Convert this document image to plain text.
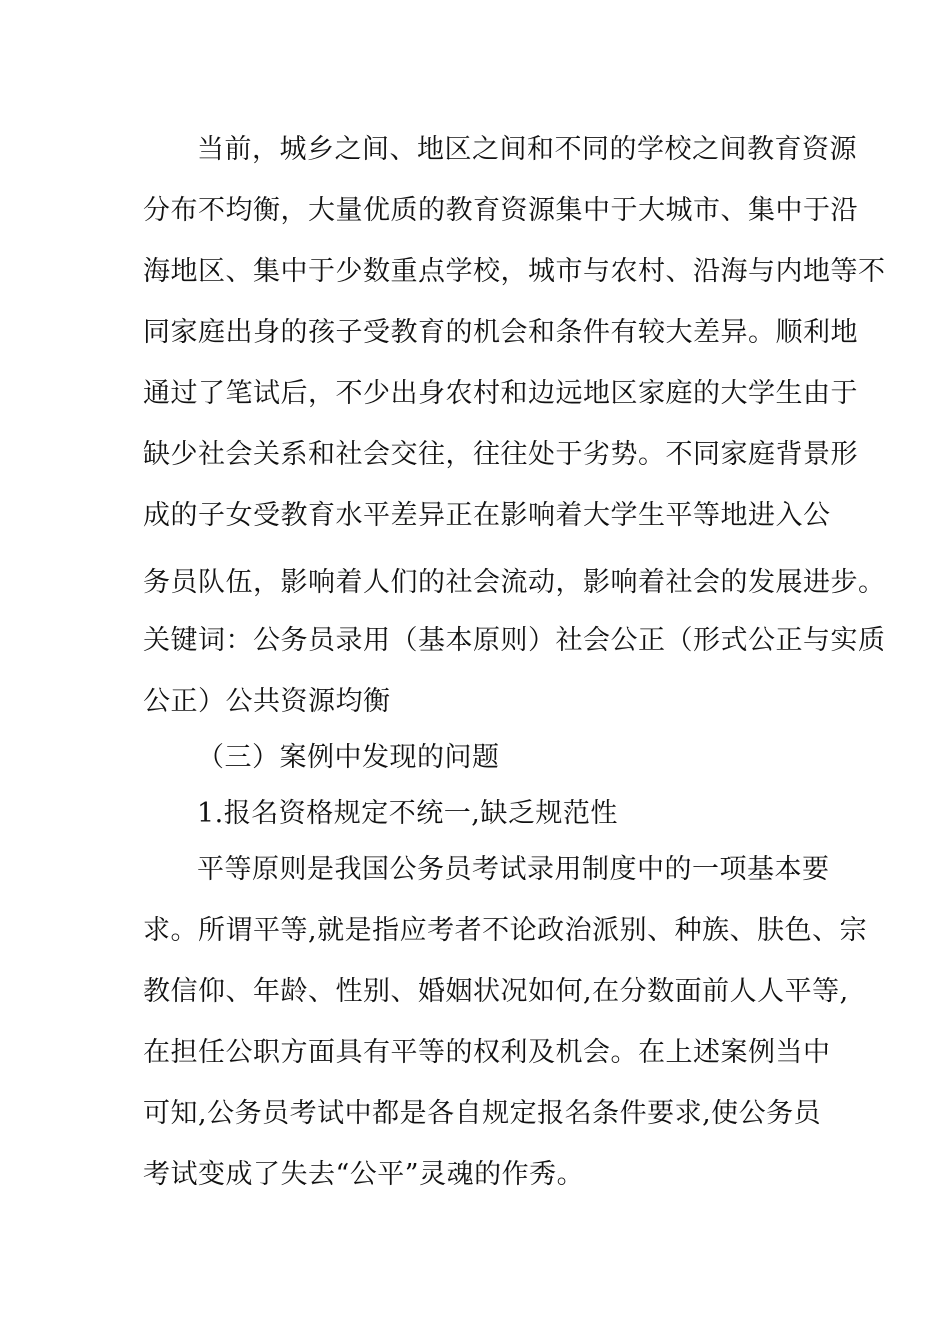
当前，城乡之间、地区之间和不同的学校之间教育资源
分布不均衡，大量优质的教育资源集中于大城市、集中于沿
海地区、集中于少数重点学校，城市与农村、沿海与内地等不
同家庭出身的孩子受教育的机会和条件有较大差异。顺利地
通过了笔试后，不少出身农村和边远地区家庭的大学生由于
缺少社会关系和社会交往，往往处于劣势。不同家庭背景形
成的子女受教育水平差异正在影响着大学生平等地进入公
务员队伍，影响着人们的社会流动，影响着社会的发展进步。
关键词：公务员录用（基本原则）社会公正（形式公正与实质
公正）公共资源均衡
（三）案例中发现的问题
1.报名资格规定不统一,缺乏规范性
平等原则是我国公务员考试录用制度中的一项基本要
求。所谓平等,就是指应考者不论政治派别、种族、肤色、宗
教信仰、年龄、性别、婚姻状况如何,在分数面前人人平等,
在担任公职方面具有平等的权利及机会。在上述案例当中
可知,公务员考试中都是各自规定报名条件要求,使公务员
考试变成了失去“公平”灵魂的作秀。
